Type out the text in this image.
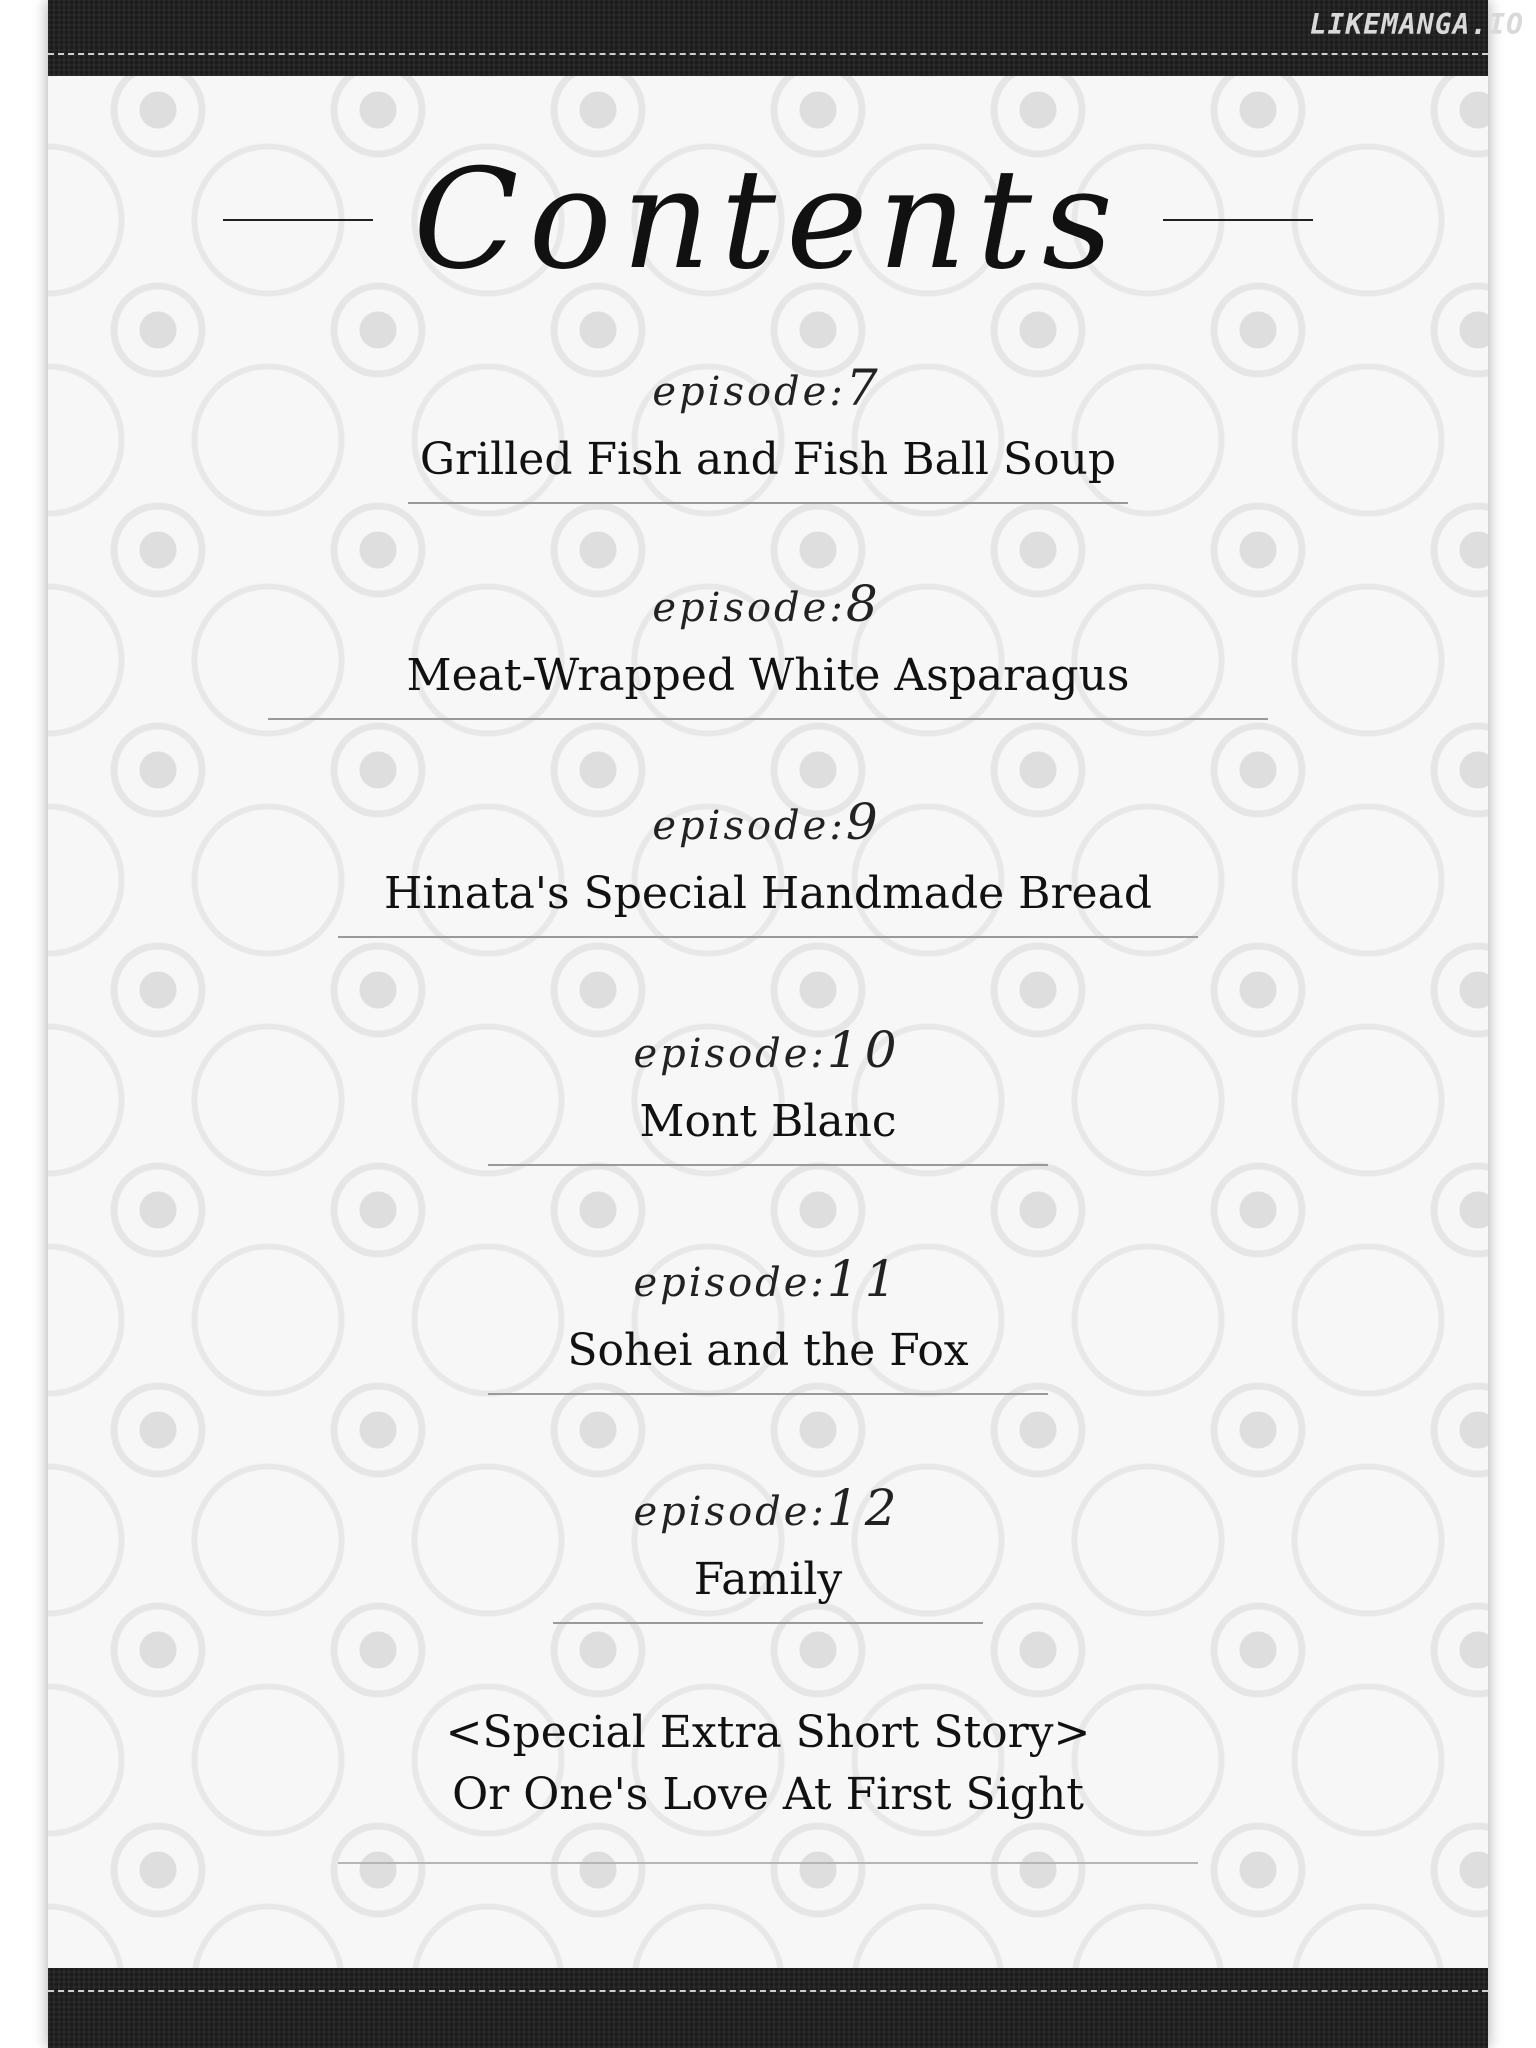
LIKEMANGA.IO
Contents
episode:7
Grilled Fish and Fish Ball Soup
episode:8
Meat-Wrapped White Asparagus
episode:9
Hinata's Special Handmade Bread
episode:10
Mont Blanc
episode:11
Sohei and the Fox
episode:12
Family
<Special Extra Short Story>
Or One's Love At First Sight
